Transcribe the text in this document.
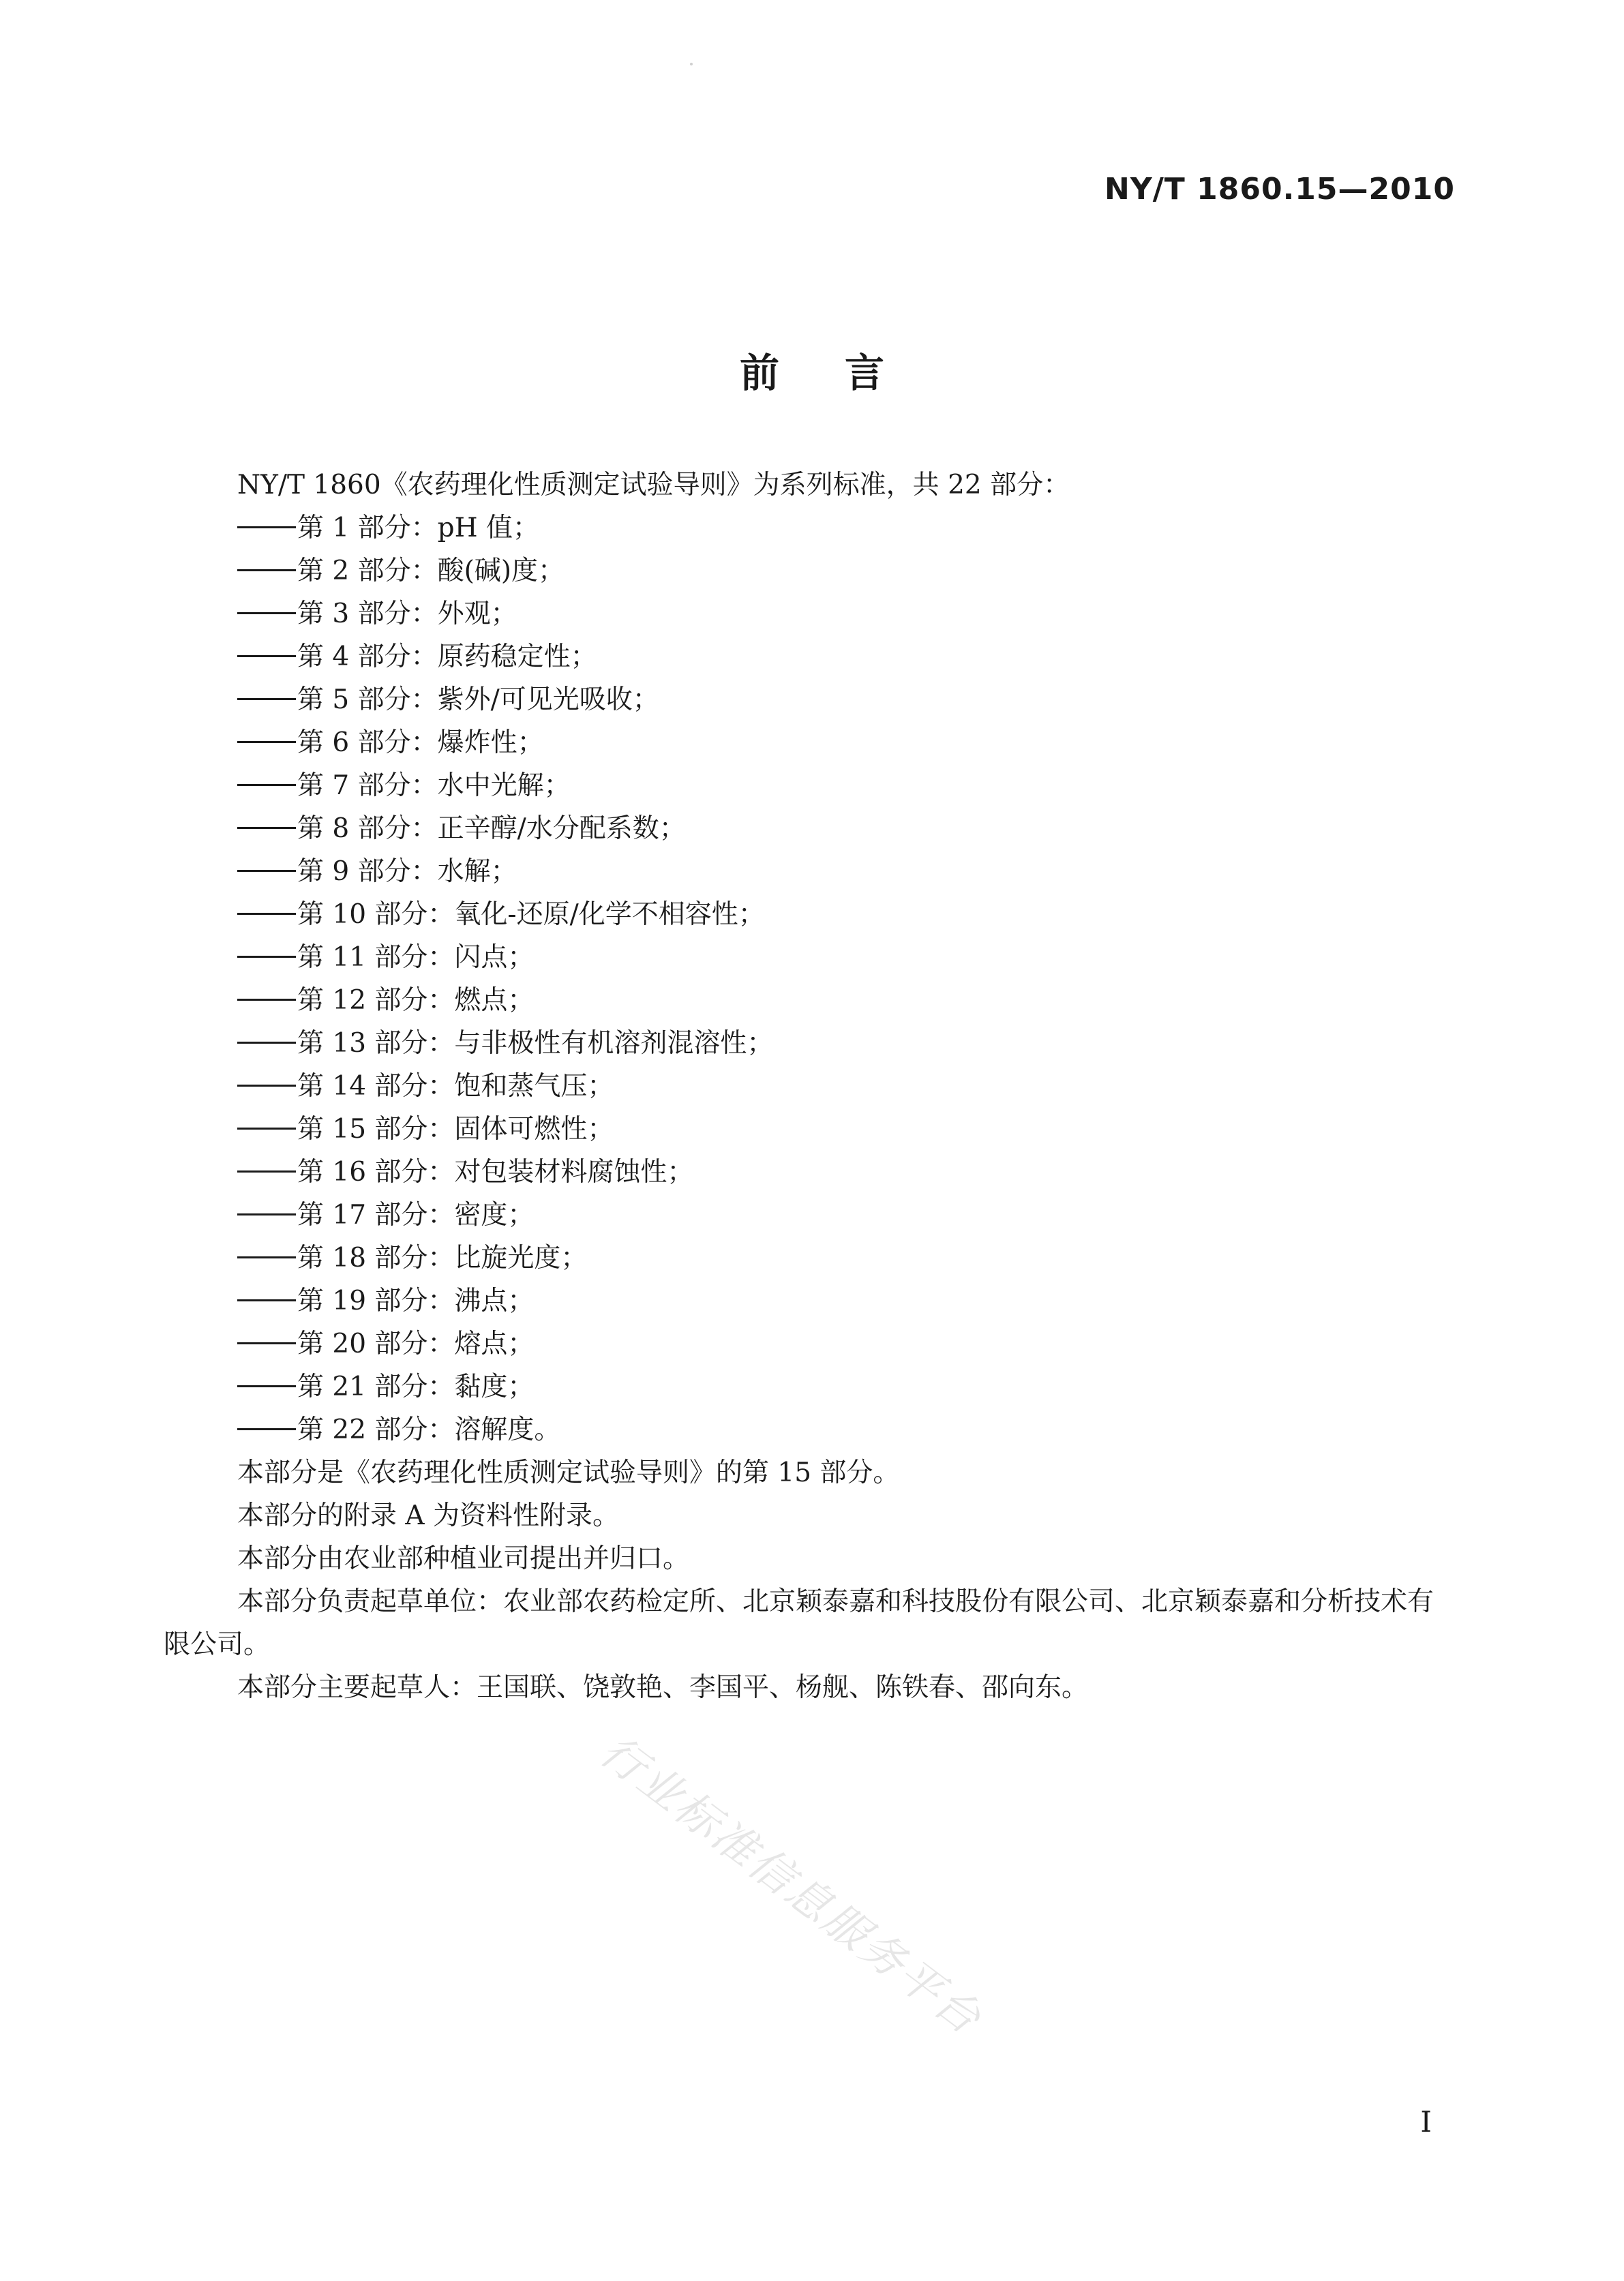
NY/T 1860.15—2010
前言

NY/T 1860《农药理化性质测定试验导则》为系列标准，共 22 部分：

第 1 部分：pH 值；
第 2 部分：酸(碱)度；
第 3 部分：外观；
第 4 部分：原药稳定性；
第 5 部分：紫外/可见光吸收；
第 6 部分：爆炸性；
第 7 部分：水中光解；
第 8 部分：正辛醇/水分配系数；
第 9 部分：水解；
第 10 部分：氧化-还原/化学不相容性；
第 11 部分：闪点；
第 12 部分：燃点；
第 13 部分：与非极性有机溶剂混溶性；
第 14 部分：饱和蒸气压；
第 15 部分：固体可燃性；
第 16 部分：对包装材料腐蚀性；
第 17 部分：密度；
第 18 部分：比旋光度；
第 19 部分：沸点；
第 20 部分：熔点；
第 21 部分：黏度；
第 22 部分：溶解度。

本部分是《农药理化性质测定试验导则》的第 15 部分。

本部分的附录 A 为资料性附录。

本部分由农业部种植业司提出并归口。

本部分负责起草单位：农业部农药检定所、北京颖泰嘉和科技股份有限公司、北京颖泰嘉和分析技术有限公司。

本部分主要起草人：王国联、饶敦艳、李国平、杨舰、陈铁春、邵向东。

行业标准信息服务平台
I
